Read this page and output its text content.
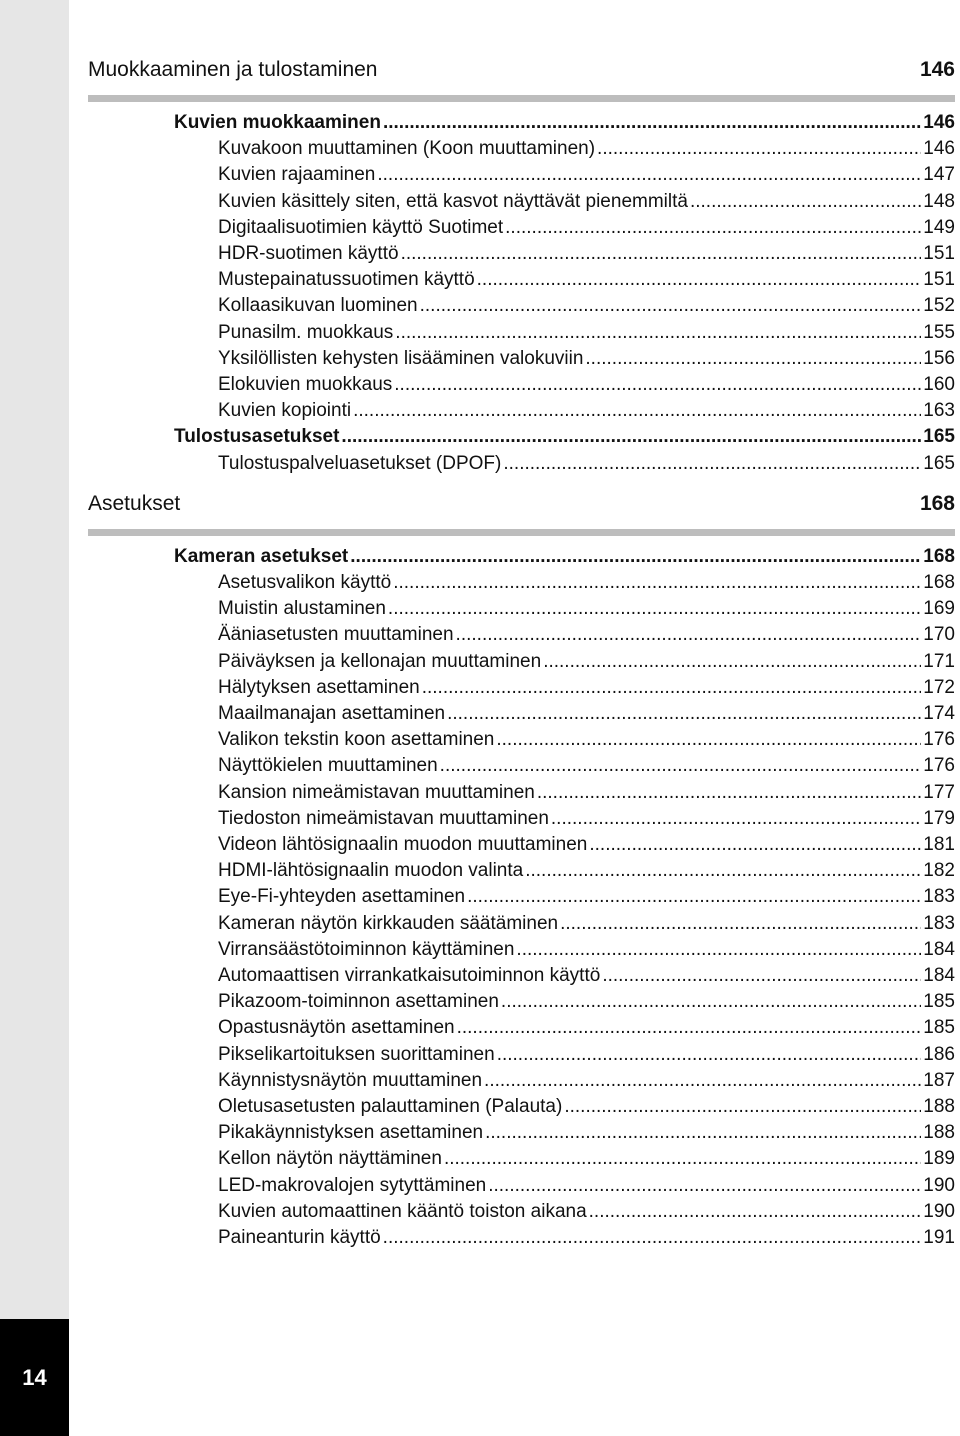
14
Muokkaaminen ja tulostaminen	146
Kuvien muokkaaminen .....	146
Kuvakoon muuttaminen (Koon muuttaminen) .....	146
Kuvien rajaaminen .....	147
Kuvien käsittely siten, että kasvot näyttävät pienemmiltä .....	148
Digitaalisuotimien käyttö Suotimet .....	149
HDR-suotimen käyttö .....	151
Mustepainatussuotimen käyttö .....	151
Kollaasikuvan luominen .....	152
Punasilm. muokkaus .....	155
Yksilöllisten kehysten lisääminen valokuviin .....	156
Elokuvien muokkaus .....	160
Kuvien kopiointi .....	163
Tulostusasetukset .....	165
Tulostuspalveluasetukset (DPOF) .....	165
Asetukset	168
Kameran asetukset .....	168
Asetusvalikon käyttö .....	168
Muistin alustaminen .....	169
Ääniasetusten muuttaminen .....	170
Päiväyksen ja kellonajan muuttaminen .....	171
Hälytyksen asettaminen .....	172
Maailmanajan asettaminen .....	174
Valikon tekstin koon asettaminen .....	176
Näyttökielen muuttaminen .....	176
Kansion nimeämistavan muuttaminen .....	177
Tiedoston nimeämistavan muuttaminen .....	179
Videon lähtösignaalin muodon muuttaminen .....	181
HDMI-lähtösignaalin muodon valinta .....	182
Eye-Fi-yhteyden asettaminen .....	183
Kameran näytön kirkkauden säätäminen .....	183
Virransäästötoiminnon käyttäminen .....	184
Automaattisen virrankatkaisutoiminnon käyttö .....	184
Pikazoom-toiminnon asettaminen .....	185
Opastusnäytön asettaminen .....	185
Pikselikartoituksen suorittaminen .....	186
Käynnistysnäytön muuttaminen .....	187
Oletusasetusten palauttaminen (Palauta) .....	188
Pikakäynnistyksen asettaminen .....	188
Kellon näytön näyttäminen .....	189
LED-makrovalojen sytyttäminen .....	190
Kuvien automaattinen kääntö toiston aikana .....	190
Paineanturin käyttö .....	191
